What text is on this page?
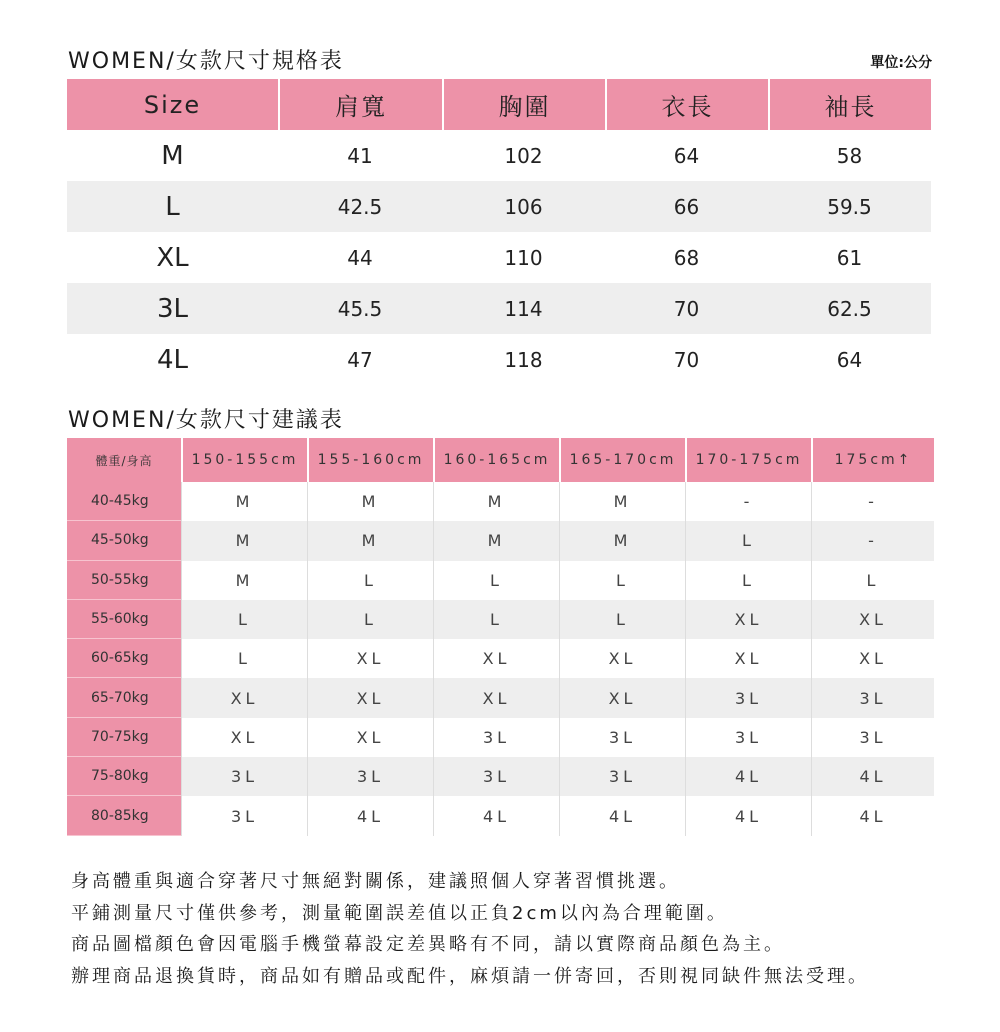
WOMEN/女款尺寸規格表	單位:公分
Size	肩寬	胸圍	衣長	袖長
M	41	102	64	58
L	42.5	106	66	59.5
XL	44	110	68	61
3L	45.5	114	70	62.5
4L	47	118	70	64
WOMEN/女款尺寸建議表
體重/身高	150-155cm	155-160cm	160-165cm	165-170cm	170-175cm	175cm↑
40-45kg	M	M	M	M	-	-
45-50kg	M	M	M	M	L	-
50-55kg	M	L	L	L	L	L
55-60kg	L	L	L	L	XL	XL
60-65kg	L	XL	XL	XL	XL	XL
65-70kg	XL	XL	XL	XL	3L	3L
70-75kg	XL	XL	3L	3L	3L	3L
75-80kg	3L	3L	3L	3L	4L	4L
80-85kg	3L	4L	4L	4L	4L	4L

身高體重與適合穿著尺寸無絕對關係，建議照個人穿著習慣挑選。

平鋪測量尺寸僅供參考，測量範圍誤差值以正負2cm以內為合理範圍。

商品圖檔顏色會因電腦手機螢幕設定差異略有不同，請以實際商品顏色為主。

辦理商品退換貨時，商品如有贈品或配件，麻煩請一併寄回，否則視同缺件無法受理。
